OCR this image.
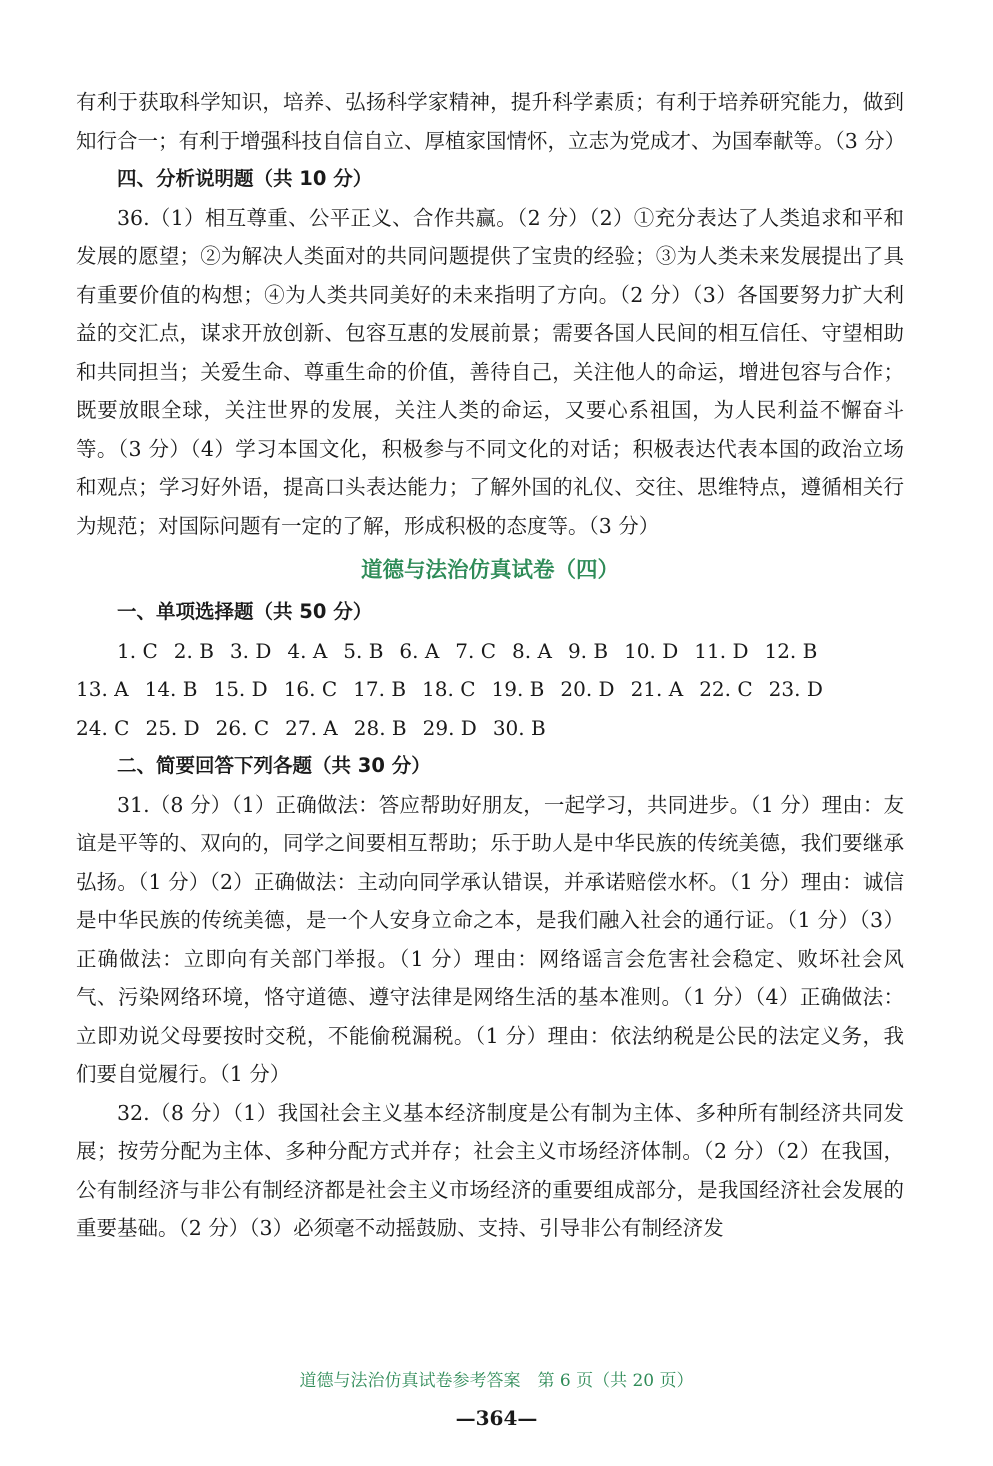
有利于获取科学知识，培养、弘扬科学家精神，提升科学素质；有利于培养研究能力，做到知行合一；有利于增强科技自信自立、厚植家国情怀，立志为党成才、为国奉献等。（3 分）

四、分析说明题（共 10 分）

36.（1）相互尊重、公平正义、合作共赢。（2 分）（2）①充分表达了人类追求和平和发展的愿望；②为解决人类面对的共同问题提供了宝贵的经验；③为人类未来发展提出了具有重要价值的构想；④为人类共同美好的未来指明了方向。（2 分）（3）各国要努力扩大利益的交汇点，谋求开放创新、包容互惠的发展前景；需要各国人民间的相互信任、守望相助和共同担当；关爱生命、尊重生命的价值，善待自己，关注他人的命运，增进包容与合作；既要放眼全球，关注世界的发展，关注人类的命运，又要心系祖国，为人民利益不懈奋斗等。（3 分）（4）学习本国文化，积极参与不同文化的对话；积极表达代表本国的政治立场和观点；学习好外语，提高口头表达能力；了解外国的礼仪、交往、思维特点，遵循相关行为规范；对国际问题有一定的了解，形成积极的态度等。（3 分）

道德与法治仿真试卷（四）

一、单项选择题（共 50 分）

1. C 2. B 3. D 4. A 5. B 6. A 7. C 8. A 9. B 10. D 11. D 12. B
13. A 14. B 15. D 16. C 17. B 18. C 19. B 20. D 21. A 22. C 23. D
24. C 25. D 26. C 27. A 28. B 29. D 30. B

二、简要回答下列各题（共 30 分）

31.（8 分）（1）正确做法：答应帮助好朋友，一起学习，共同进步。（1 分）理由：友谊是平等的、双向的，同学之间要相互帮助；乐于助人是中华民族的传统美德，我们要继承弘扬。（1 分）（2）正确做法：主动向同学承认错误，并承诺赔偿水杯。（1 分）理由：诚信是中华民族的传统美德，是一个人安身立命之本，是我们融入社会的通行证。（1 分）（3）正确做法：立即向有关部门举报。（1 分）理由：网络谣言会危害社会稳定、败坏社会风气、污染网络环境，恪守道德、遵守法律是网络生活的基本准则。（1 分）（4）正确做法：立即劝说父母要按时交税，不能偷税漏税。（1 分）理由：依法纳税是公民的法定义务，我们要自觉履行。（1 分）

32.（8 分）（1）我国社会主义基本经济制度是公有制为主体、多种所有制经济共同发展；按劳分配为主体、多种分配方式并存；社会主义市场经济体制。（2 分）（2）在我国，公有制经济与非公有制经济都是社会主义市场经济的重要组成部分，是我国经济社会发展的重要基础。（2 分）（3）必须毫不动摇鼓励、支持、引导非公有制经济发

道德与法治仿真试卷参考答案　第 6 页（共 20 页）
—364—
